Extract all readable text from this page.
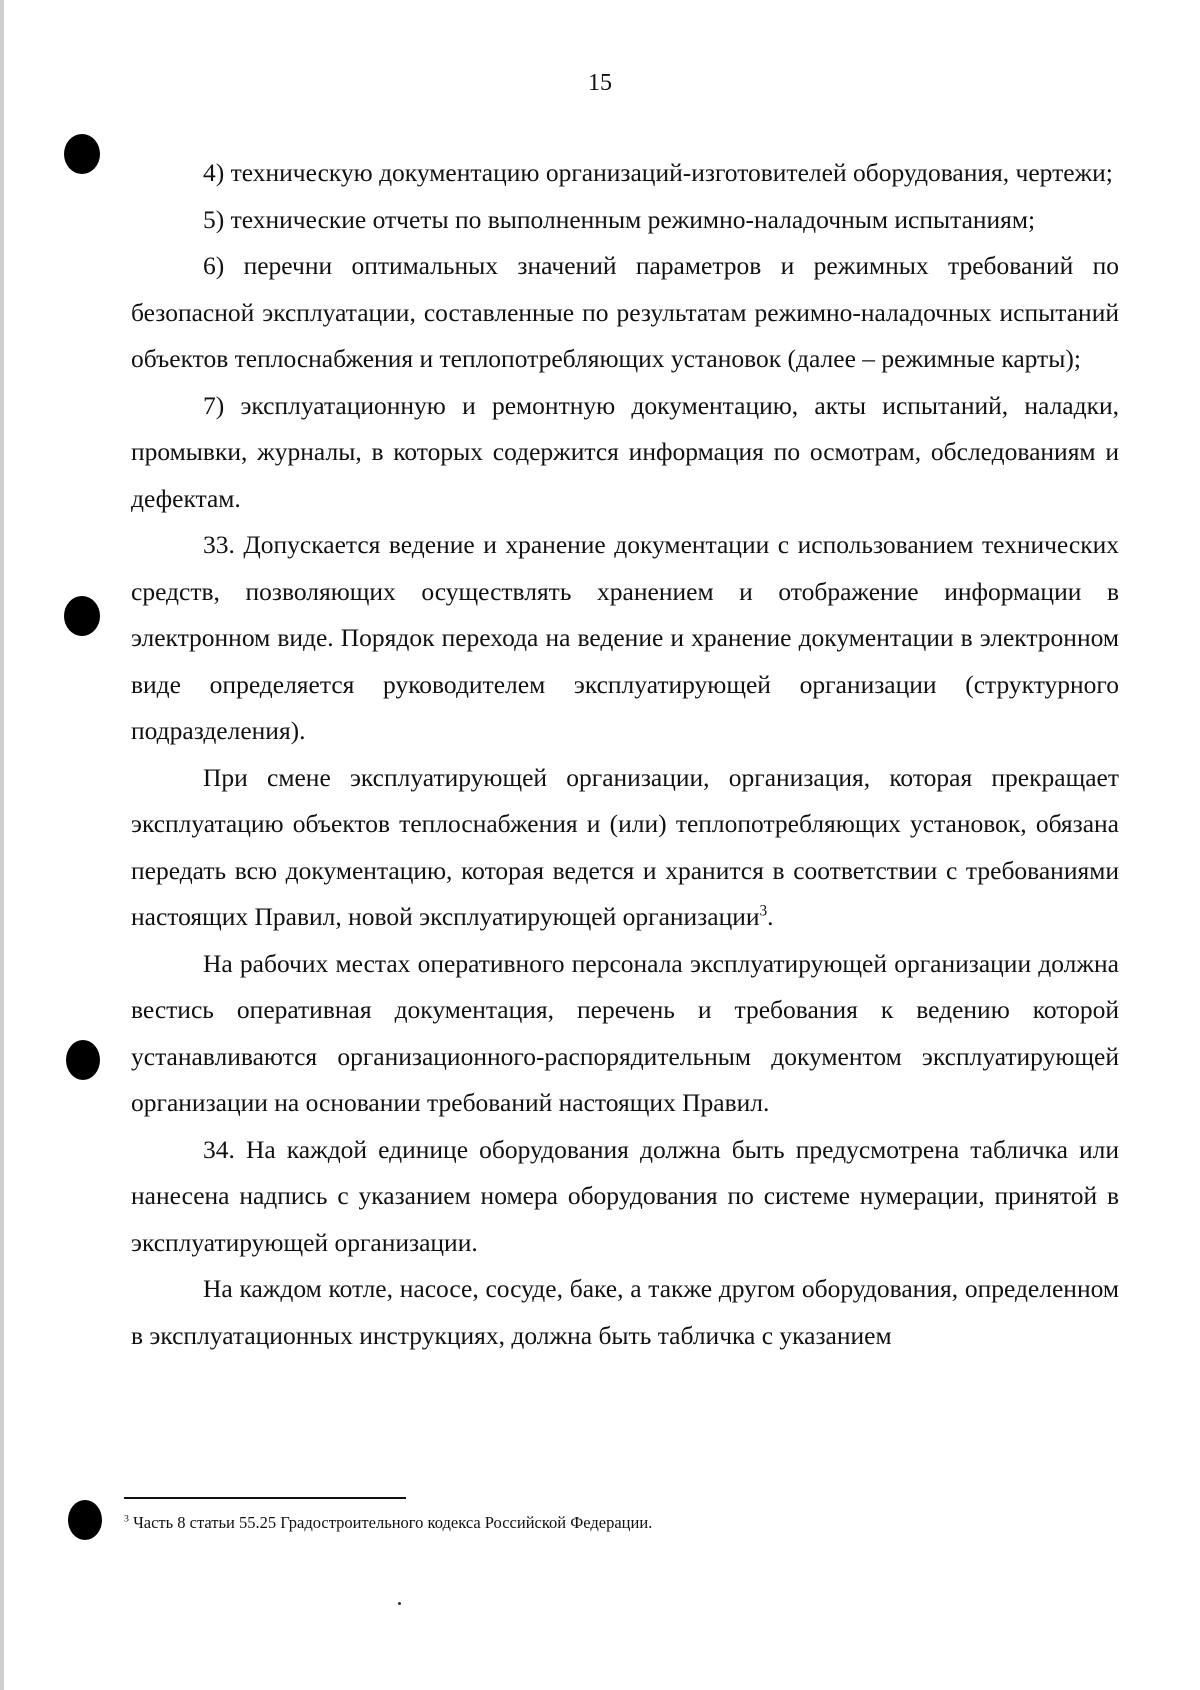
15

4) техническую документацию организаций-изготовителей оборудования, чертежи;

5) технические отчеты по выполненным режимно-наладочным испытаниям;

6) перечни оптимальных значений параметров и режимных требований по безопасной эксплуатации, составленные по результатам режимно-наладочных испытаний объектов теплоснабжения и теплопотребляющих установок (далее – режимные карты);

7) эксплуатационную и ремонтную документацию, акты испытаний, наладки, промывки, журналы, в которых содержится информация по осмотрам, обследованиям и дефектам.

33. Допускается ведение и хранение документации с использованием технических средств, позволяющих осуществлять хранением и отображение информации в электронном виде. Порядок перехода на ведение и хранение документации в электронном виде определяется руководителем эксплуатирующей организации (структурного подразделения).

При смене эксплуатирующей организации, организация, которая прекращает эксплуатацию объектов теплоснабжения и (или) теплопотребляющих установок, обязана передать всю документацию, которая ведется и хранится в соответствии с требованиями настоящих Правил, новой эксплуатирующей организации$^3$.

На рабочих местах оперативного персонала эксплуатирующей организации должна вестись оперативная документация, перечень и требования к ведению которой устанавливаются организационного-распорядительным документом эксплуатирующей организации на основании требований настоящих Правил.

34. На каждой единице оборудования должна быть предусмотрена табличка или нанесена надпись с указанием номера оборудования по системе нумерации, принятой в эксплуатирующей организации.

На каждом котле, насосе, сосуде, баке, а также другом оборудования, определенном в эксплуатационных инструкциях, должна быть табличка с указанием

$^3$ Часть 8 статьи 55.25 Градостроительного кодекса Российской Федерации.
